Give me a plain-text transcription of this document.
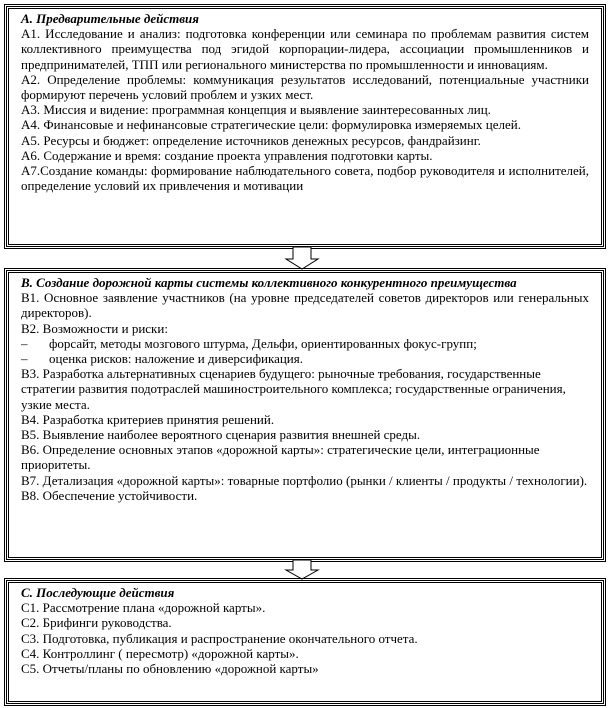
А. Предварительные действия
А1. Исследование и анализ: подготовка конференции или семинара по проблемам развития систем коллективного преимущества под эгидой корпорации-лидера, ассоциации промышленников и предпринимателей, ТПП или регионального министерства по промышленности и инновациям.
А2. Определение проблемы: коммуникация результатов исследований, потенциальные участники формируют перечень условий проблем и узких мест.
А3. Миссия и видение: программная концепция и выявление заинтересованных лиц.
А4. Финансовые и нефинансовые стратегические цели: формулировка измеряемых целей.
А5. Ресурсы и бюджет: определение источников денежных ресурсов, фандрайзинг.
А6. Содержание и время: создание проекта управления подготовки карты.
А7.Создание команды: формирование наблюдательного совета, подбор руководителя и исполнителей, определение условий их привлечения и мотивации
В. Создание дорожной карты системы коллективного конкурентного преимущества
В1. Основное заявление участников (на уровне председателей советов директоров или генеральных директоров).
В2. Возможности и риски:
–	форсайт, методы мозгового штурма, Дельфи, ориентированных фокус-групп;
–	оценка рисков: наложение и диверсификация.
В3. Разработка альтернативных сценариев будущего: рыночные требования, государственные стратегии развития подотраслей машиностроительного комплекса; государственные ограничения, узкие места.
В4. Разработка критериев принятия решений.
В5. Выявление наиболее вероятного сценария развития внешней среды.
В6. Определение основных этапов «дорожной карты»: стратегические цели, интеграционные приоритеты.
В7. Детализация «дорожной карты»: товарные портфолио (рынки / клиенты / продукты / технологии).
В8. Обеспечение устойчивости.
С. Последующие действия
С1. Рассмотрение плана «дорожной карты».
С2. Брифинги руководства.
С3. Подготовка, публикация и распространение окончательного отчета.
С4. Контроллинг ( пересмотр) «дорожной карты».
С5. Отчеты/планы по обновлению «дорожной карты»
